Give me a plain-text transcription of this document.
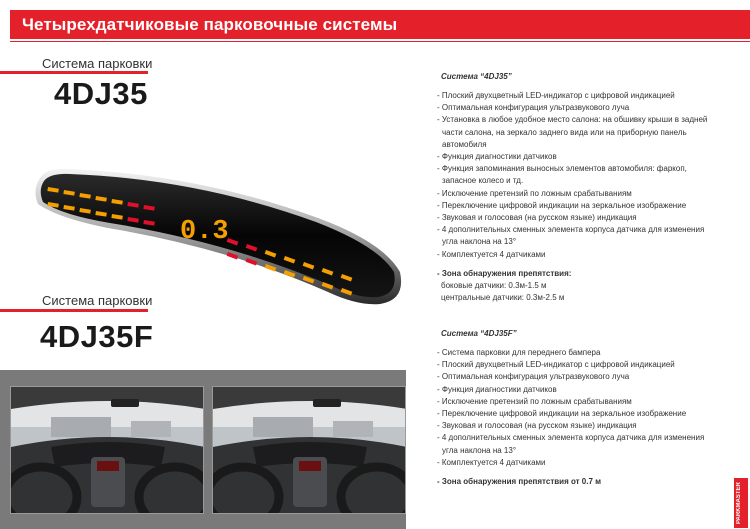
Четырехдатчиковые парковочные системы
Система парковки
4DJ35
0.3
Система парковки
4DJ35F
Система “4DJ35”
- Плоский двухцветный LED-индикатор с цифровой индикацией
- Оптимальная конфигурация ультразвукового луча
- Установка в любое удобное место салона: на обшивку крыши в задней части салона, на зеркало заднего вида или на приборную панель автомобиля
- Функция диагностики датчиков
- Функция запоминания выносных элементов автомобиля: фаркоп, запасное колесо и тд.
- Исключение претензий по ложным срабатываниям
- Переключение цифровой индикации на зеркальное изображение
- Звуковая и голосовая (на русском языке) индикация
- 4 дополнительных сменных элемента корпуса датчика для изменения угла наклона на 13°
- Комплектуется 4 датчиками
- Зона обнаружения препятствия:
боковые датчики: 0.3м-1.5 м
центральные датчики: 0.3м-2.5 м
Система “4DJ35F”
- Система парковки для переднего бампера
- Плоский двухцветный LED-индикатор с цифровой индикацией
- Оптимальная конфигурация ультразвукового луча
- Функция диагностики датчиков
- Исключение претензий по ложным срабатываниям
- Переключение цифровой индикации на зеркальное изображение
- Звуковая и голосовая (на русском языке) индикация
- 4 дополнительных сменных элемента корпуса датчика для изменения угла наклона на 13°
- Комплектуется 4 датчиками
- Зона обнаружения препятствия от 0.7 м
PARKMASTER
